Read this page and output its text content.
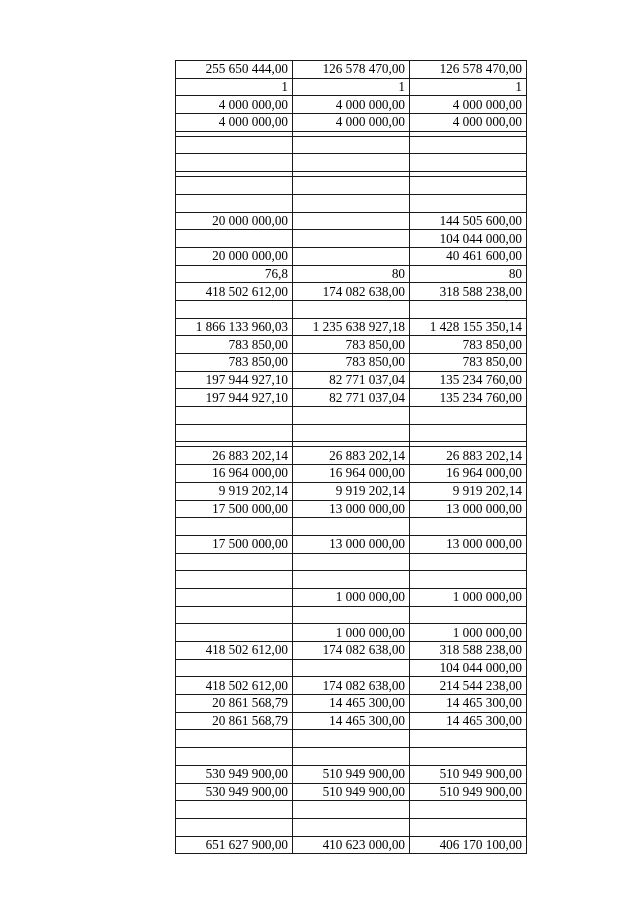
255 650 444,00	126 578 470,00	126 578 470,00
1	1	1
4 000 000,00	4 000 000,00	4 000 000,00
4 000 000,00	4 000 000,00	4 000 000,00

20 000 000,00		144 505 600,00
		104 044 000,00
20 000 000,00		40 461 600,00
76,8	80	80
418 502 612,00	174 082 638,00	318 588 238,00

1 866 133 960,03	1 235 638 927,18	1 428 155 350,14
783 850,00	783 850,00	783 850,00
783 850,00	783 850,00	783 850,00
197 944 927,10	82 771 037,04	135 234 760,00
197 944 927,10	82 771 037,04	135 234 760,00

26 883 202,14	26 883 202,14	26 883 202,14
16 964 000,00	16 964 000,00	16 964 000,00
9 919 202,14	9 919 202,14	9 919 202,14
17 500 000,00	13 000 000,00	13 000 000,00

17 500 000,00	13 000 000,00	13 000 000,00

	1 000 000,00	1 000 000,00

	1 000 000,00	1 000 000,00
418 502 612,00	174 082 638,00	318 588 238,00
		104 044 000,00
418 502 612,00	174 082 638,00	214 544 238,00
20 861 568,79	14 465 300,00	14 465 300,00
20 861 568,79	14 465 300,00	14 465 300,00

530 949 900,00	510 949 900,00	510 949 900,00
530 949 900,00	510 949 900,00	510 949 900,00

651 627 900,00	410 623 000,00	406 170 100,00
